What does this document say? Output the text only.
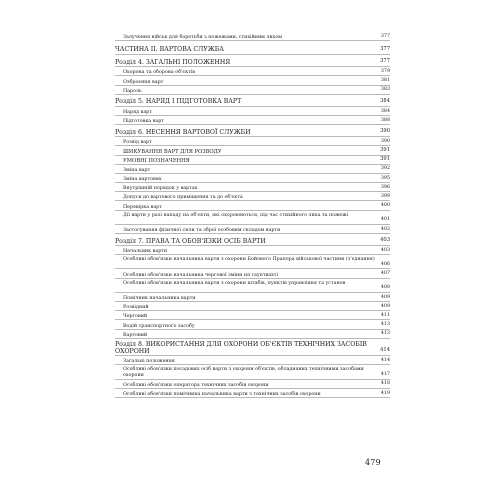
Залучення військ для боротьби з пожежами, стихійним лихом	377
ЧАСТИНА II. ВАРТОВА СЛУЖБА	377
Розділ 4. ЗАГАЛЬНІ ПОЛОЖЕННЯ	377
Охорона та оборона об'єктів	379
Озброєння варт	381
Пароль	383
Розділ 5. НАРЯД І ПІДГОТОВКА ВАРТ	384
Наряд варт	384
Підготовка варт	388
Розділ 6. НЕСЕННЯ ВАРТОВОЇ СЛУЖБИ	390
Розвід варт	390
ШИКУВАННЯ ВАРТ ДЛЯ РОЗВОДУ	391
УМОВНІ ПОЗНАЧЕННЯ	391
Зміна варт	392
Зміна вартових	395
Внутрішній порядок у вартах	396
Допуск до вартового приміщення та до об'єкта	399
Перевірка варт	400
Дії варти у разі нападу на об'єкти, які охороняються, під час стихійного лиха та пожежі
401
Застосування фізичної сили та зброї особовим складом варти	402
Розділ 7. ПРАВА ТА ОБОВ'ЯЗКИ ОСІБ ВАРТИ	403
Начальник варти	403
Особливі обов'язки начальника варти з охорони Бойового Прапора військової частини (з'єднання)
406
Особливі обов'язки начальника чергової зміни на гауптвахті	407
Особливі обов'язки начальника варти з охорони штабів, пунктів управління та установ
408
Помічник начальника варти	409
Розвідний	409
Черговий	411
Водій транспортного засобу	413
Вартовий	413
Розділ 8. ВИКОРИСТАННЯ ДЛЯ ОХОРОНИ ОБ'ЄКТІВ ТЕХНІЧНИХ ЗАСОБІВ ОХОРОНИ	414
Загальні положення	414
Особливі обов'язки посадових осіб варти з охорони об'єктів, обладнаних технічними засобами охорони	417
Особливі обов'язки оператора технічних засобів охорони	418
Особливі обов'язки помічника начальника варти з технічних засобів охорони	419
479
